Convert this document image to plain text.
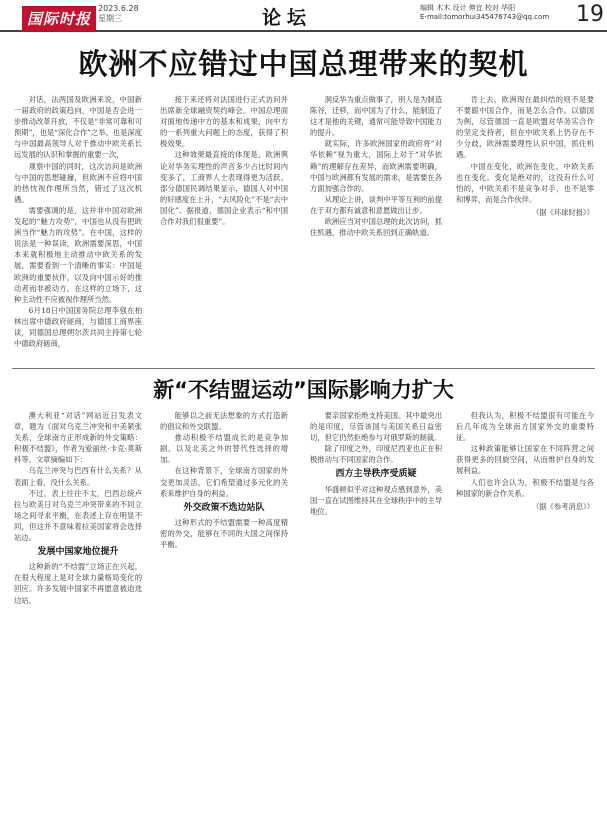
国际时报
2023.6.28
星期三	论坛	编辑 木木 设计 伸宜 校对 华阳
E-mail:tomorhui345476743@qq.com 19
欧洲不应错过中国总理带来的契机

对话，法两国及欧洲来说，中国新一届政府的政策趋向，中国是否会进一步推动改革开放，不仅是“非常可靠和可预期”，也是“深化合作”之举。也是深度与中国最高领导人对于推动中欧关系长远发展的认识和掌握的重要一次，

观察中国的同时，这次访问是欧洲与中国的思想碰撞，但欧洲不应将中国的热忱视作理所当然，错过了这次机遇。

需要强调的是，这并非中国对欧洲发起的“魅力攻势”，中国也从没有把欧洲当作“魅力的攻势”。在中国，这样的说法是一种误读，欧洲需要深思，中国本来就积极地主动推动中欧关系的发展，需要看到一个清晰的事实：中国是欧洲的重要伙伴，以及向中国示好的推动者而非被动方，在这样的立场下，这种主动性不应被视作理所当然。

6月18日中国国务院总理李强在柏林出席中德政府磋商，与德国工商界座谈，同德国总理朔尔茨共同主持第七轮中德政府磋商，

接下来还将对法国进行正式访问并出席新全球融资契约峰会。中国总理面对面地传递中方的基本和成果，向中方的一系列重大问题上的态度，获得了积极效果。

这种效果最直接的体现是，欧洲舆论对华务实理性的声音多少占比时间内变多了，工商界人士表现得更为活跃。部分德国民调结果显示，德国人对中国的好感度在上升，“去风险化”不是“去中国化”。据报道，德国企业表示“和中国合作对我们很重要”。

洞反华为重点做事了，别人是为制造陈谷，迁移，而中国为了什么，能制造了这才是他的关键，通常可能导致中国能力的提升。

就实际，许多欧洲国家的政府将“对华依赖”视为重大，国际上对于“对华依赖”的理解存在差异，而欧洲需要明确，中国与欧洲都有发展的需求，是需要在各方面加强合作的。

从理论上讲，谈判中平等互利的前提在于双方都有诚意和意愿做出让步。

欧洲应当对中国总理的此次访问，抓住机遇，推动中欧关系回到正确轨道。

肯上去，欧洲现在最纠结的则不是要不要跟中国合作，而是怎么合作。以德国为例，尽管德国一直是欧盟对华务实合作的坚定支持者，但在中欧关系上仍存在不少分歧，欧洲需要理性认识中国，抓住机遇。

中国在变化，欧洲在变化，中欧关系也在变化。变化是绝对的，这没有什么可怕的，中欧关系不是竞争对手，也不是零和博弈，而是合作伙伴。

（据《环球时报》）
新“不结盟运动”国际影响力扩大

澳大利亚“对话”网站近日发表文章，题为《面对乌克兰冲突和中美紧张关系，全球南方正形成新的外交策略：积极不结盟》，作者为爱丽丝·卡克·莫斯科等。文章摘编如下：

乌克兰冲突与巴西有什么关系？从表面上看，没什么关系。

不过，表上往往不太，巴西总统卢拉与欧美日对乌克兰冲突带来的不同立场之间寻求平衡，在表述上存在明显不同，但这并不意味着拉美国家将会选择站边。

发展中国家地位提升

这种新的“不结盟”立场正在兴起，在很大程度上是对全球力量格局变化的回应。许多发展中国家不再愿意被迫选边站。

能够以之前无法想象的方式打造新的倡议和外交联盟。

推动积极不结盟成长的是竞争加剧，以及北美之外的替代性选择的增加。

在这种背景下，全球南方国家的外交更加灵活，它们希望通过多元化的关系来维护自身的利益。

外交政策不选边站队

这种形式的不结盟需要一种高度精密的外交，能够在不同的大国之间保持平衡。

要亲国家拒绝支持美国。其中最突出的是印度，尽管该国与美国关系日益密切，但它仍然拒绝参与对俄罗斯的制裁。

除了印度之外，印度尼西亚也正在积极推动与不同国家的合作。

西方主导秩序受质疑

华盛顿似乎对这种观点感到意外，美国一直在试图维持其在全球秩序中的主导地位。

但我认为，积极不结盟很有可能在今后几年成为全球南方国家外交的重要特征。

这种政策能够让国家在不同阵营之间获得更多的回旋空间，从而维护自身的发展利益。

人们也许会认为，积极不结盟是与各种国家的新合作关系。

（据《参考消息》）
